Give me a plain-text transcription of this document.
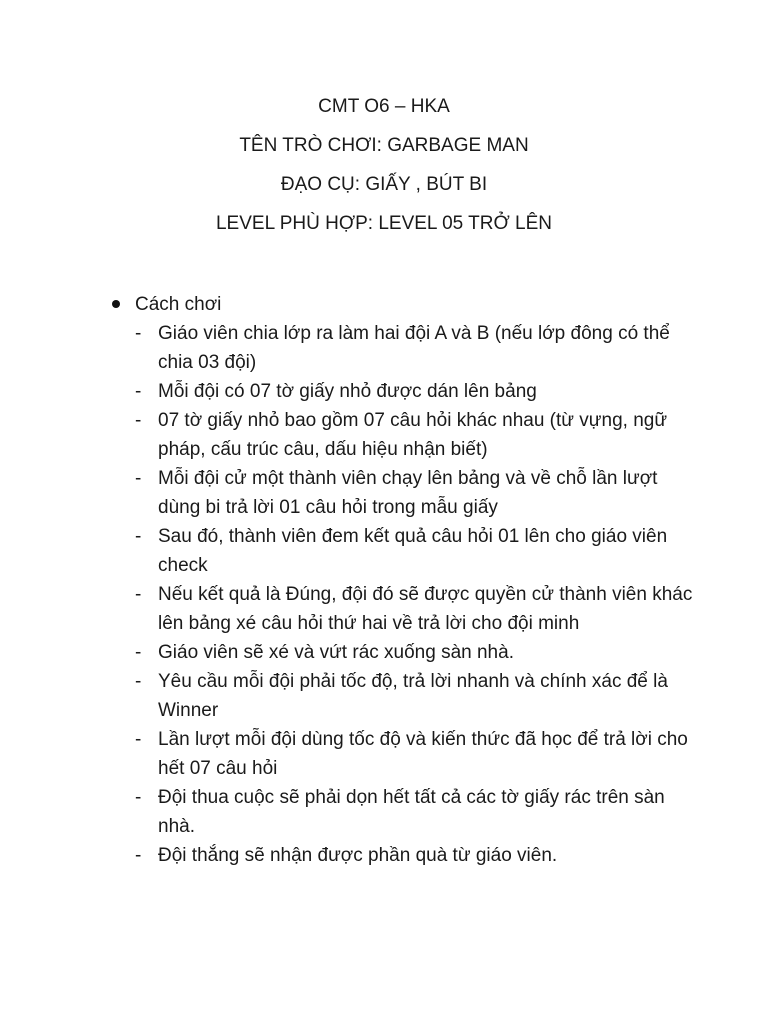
CMT O6 – HKA
TÊN TRÒ CHƠI: GARBAGE MAN
ĐẠO CỤ: GIẤY , BÚT BI
LEVEL PHÙ HỢP: LEVEL 05 TRỞ LÊN
Cách chơi
- Giáo viên chia lớp ra làm hai đội A và B (nếu lớp đông có thể chia 03 đội)
- Mỗi đội có 07 tờ giấy nhỏ được dán lên bảng
- 07 tờ giấy nhỏ bao gồm 07 câu hỏi khác nhau (từ vựng, ngữ pháp, cấu trúc câu, dấu hiệu nhận biết)
- Mỗi đội cử một thành viên chạy lên bảng và về chỗ lần lượt dùng bi trả lời 01 câu hỏi trong mẫu giấy
- Sau đó, thành viên đem kết quả câu hỏi 01 lên cho giáo viên check
- Nếu kết quả là Đúng, đội đó sẽ được quyền cử thành viên khác lên bảng xé câu hỏi thứ hai về trả lời cho đội minh
- Giáo viên sẽ xé và vứt rác xuống sàn nhà.
- Yêu cầu mỗi đội phải tốc độ, trả lời nhanh và chính xác để là Winner
- Lần lượt mỗi đội dùng tốc độ và kiến thức đã học để trả lời cho hết 07 câu hỏi
- Đội thua cuộc sẽ phải dọn hết tất cả các tờ giấy rác trên sàn nhà.
- Đội thắng sẽ nhận được phần quà từ giáo viên.
